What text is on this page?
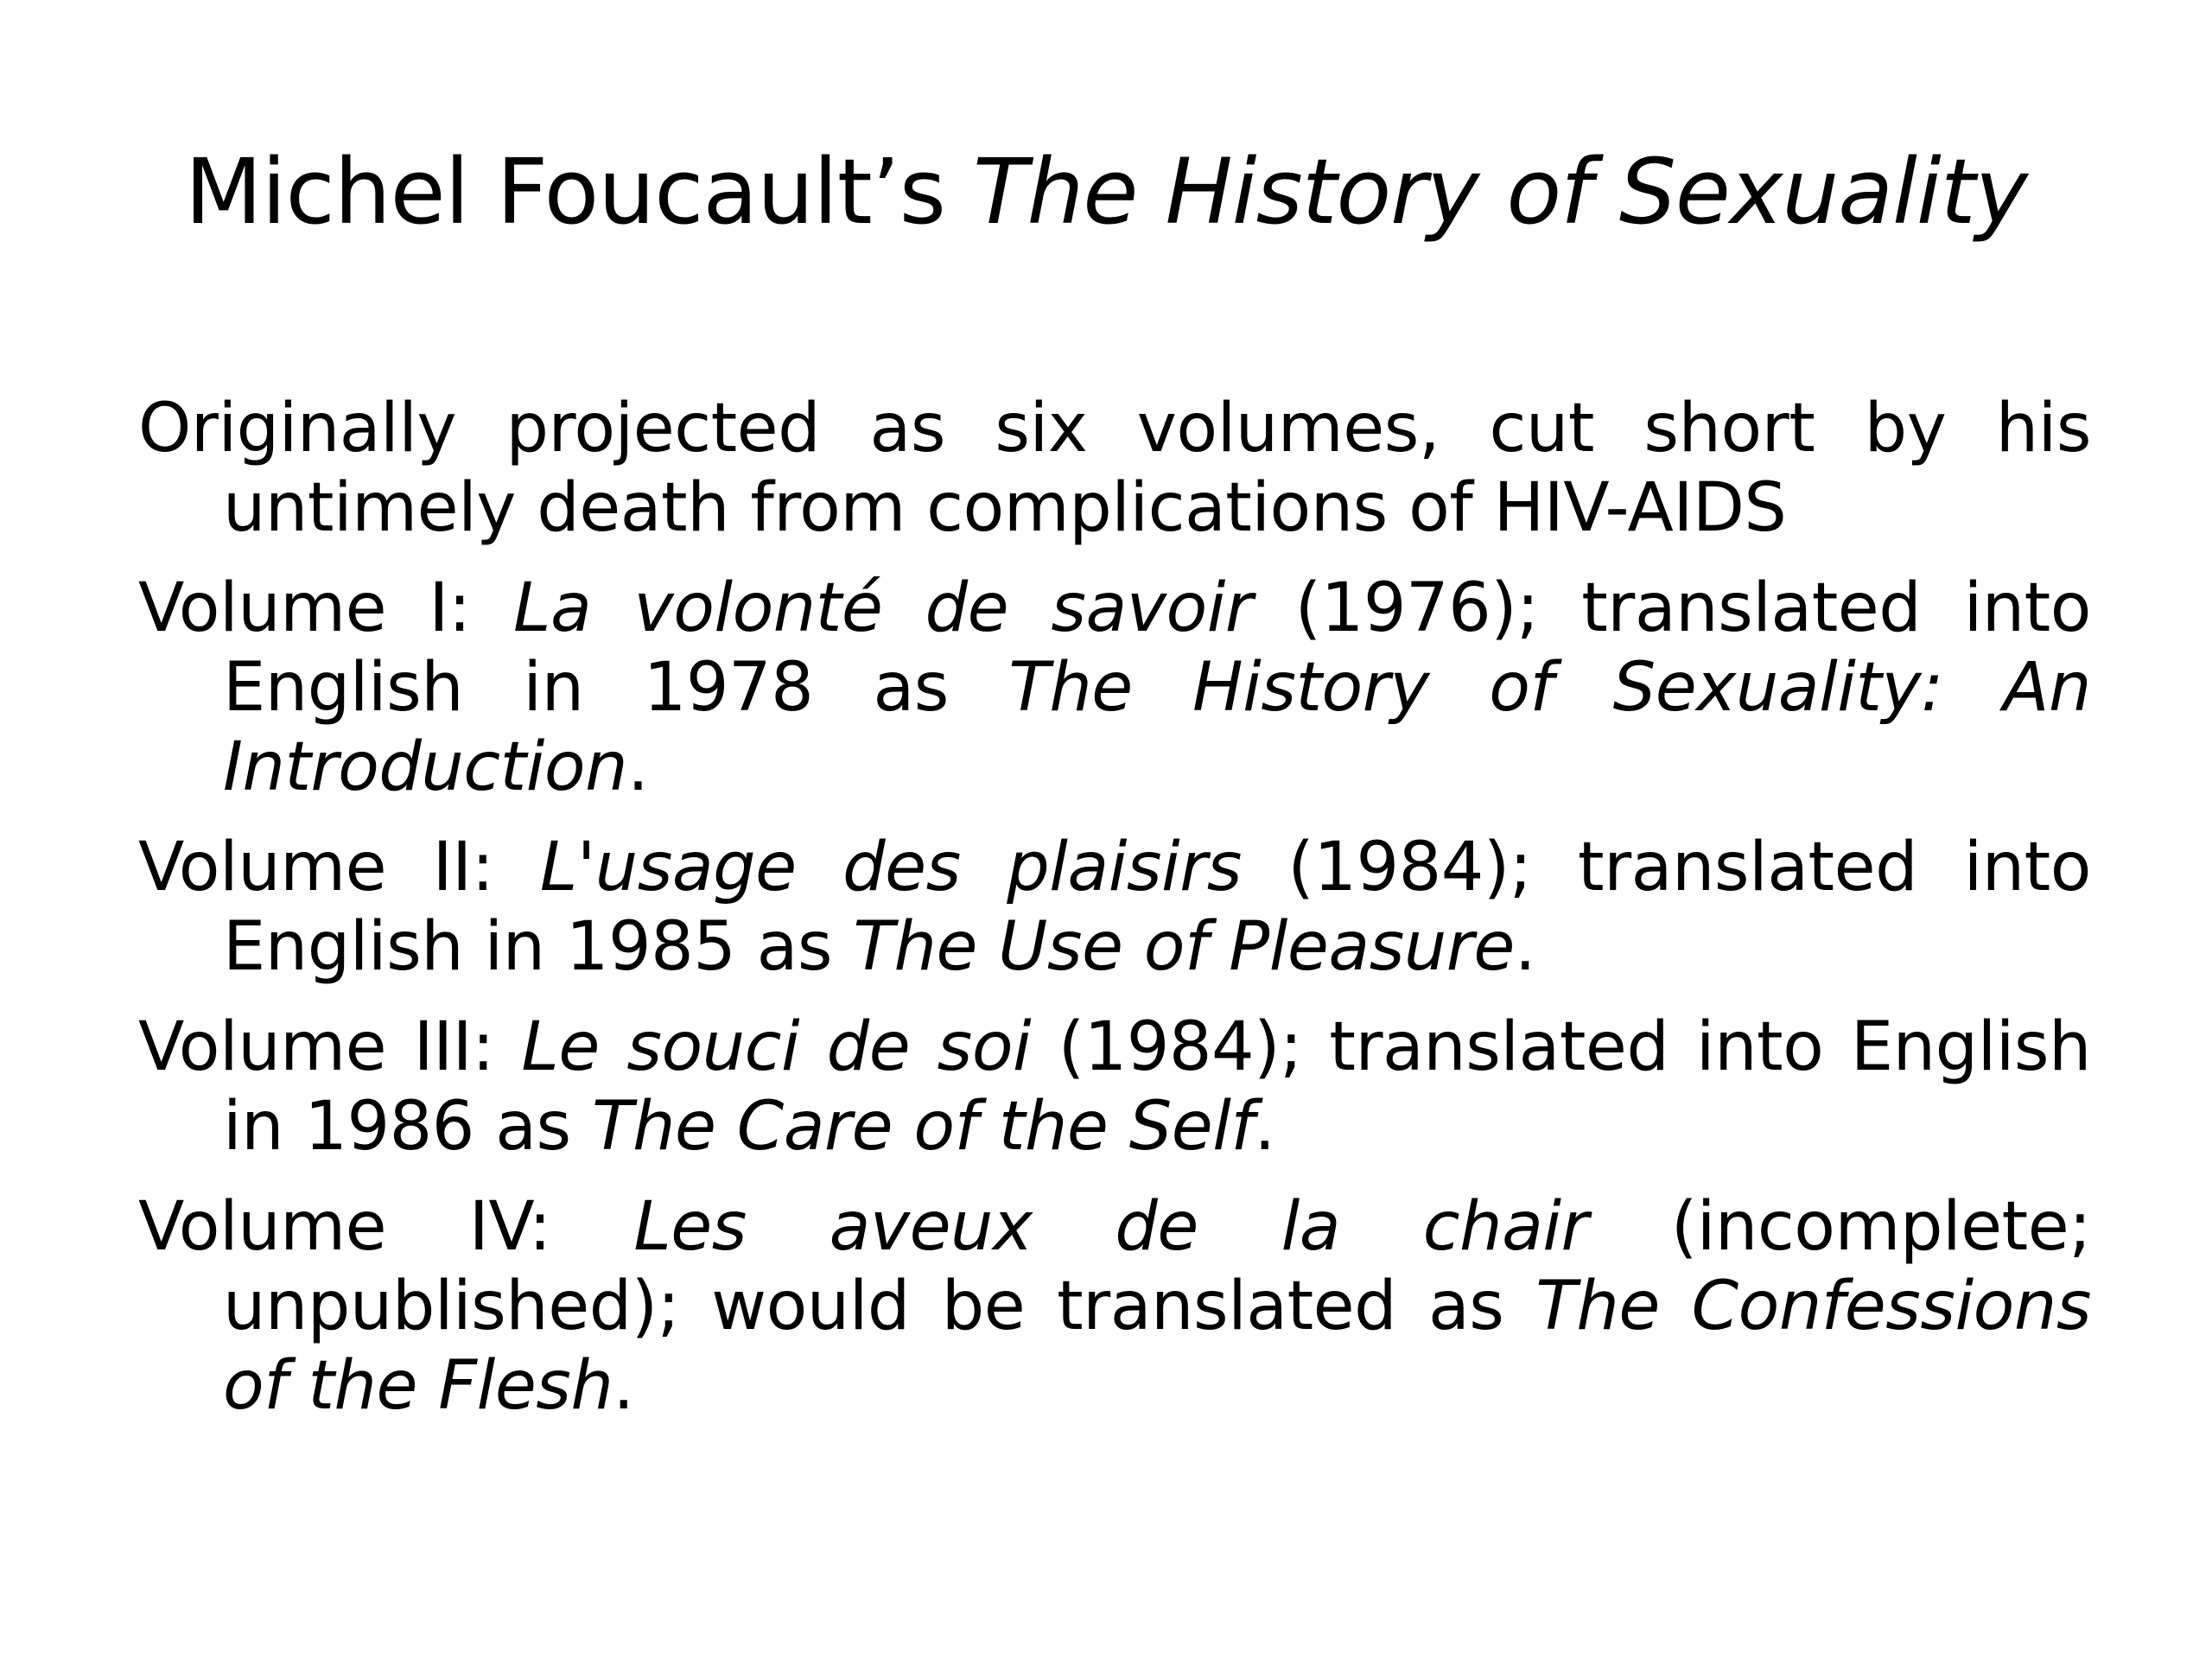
Michel Foucault’s The History of Sexuality

Originally projected as six volumes, cut short by his untimely death from complications of HIV-AIDS

Volume I: La volonté de savoir (1976); translated into English in 1978 as The History of Sexuality: An Introduction.

Volume II: L'usage des plaisirs (1984); translated into English in 1985 as The Use of Pleasure.

Volume III: Le souci de soi (1984); translated into English in 1986 as The Care of the Self.

Volume IV: Les aveux de la chair (incomplete; unpublished); would be translated as The Confessions of the Flesh.
